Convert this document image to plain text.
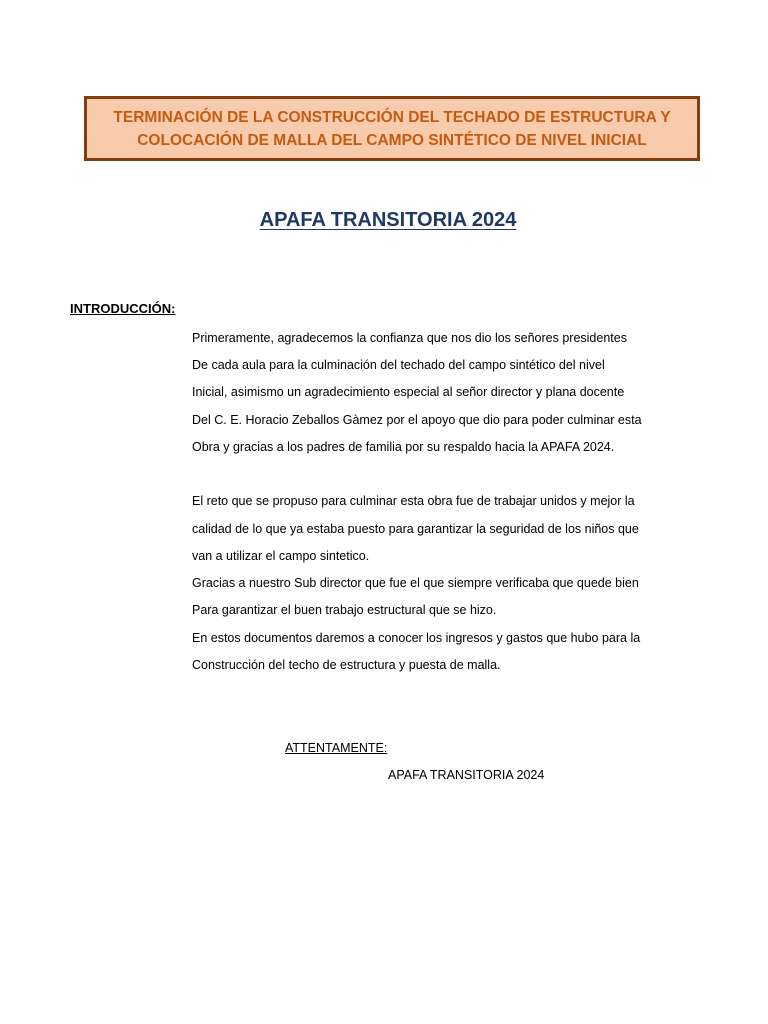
TERMINACIÓN DE LA CONSTRUCCIÓN DEL TECHADO DE ESTRUCTURA Y
COLOCACIÓN DE MALLA DEL CAMPO SINTÉTICO DE NIVEL INICIAL
APAFA TRANSITORIA 2024
INTRODUCCIÓN:
Primeramente, agradecemos la confianza que nos dio los señores presidentes
De cada aula para la culminación del techado del campo sintético del nivel
Inicial, asimismo un agradecimiento especial al señor director y plana docente
Del C. E. Horacio Zeballos Gàmez por el apoyo que dio para poder culminar esta
Obra y gracias a los padres de familia por su respaldo hacia la APAFA 2024.
El reto que se propuso para culminar esta obra fue de trabajar unidos y mejor la
calidad de lo que ya estaba puesto para garantizar la seguridad de los niños que
van a utilizar el campo sintetico.
Gracias a nuestro Sub director que fue el que siempre verificaba que quede bien
Para garantizar el buen trabajo estructural que se hizo.
En estos documentos daremos a conocer los ingresos y gastos que hubo para la
Construcción del techo de estructura y puesta de malla.
ATTENTAMENTE:
APAFA TRANSITORIA 2024
